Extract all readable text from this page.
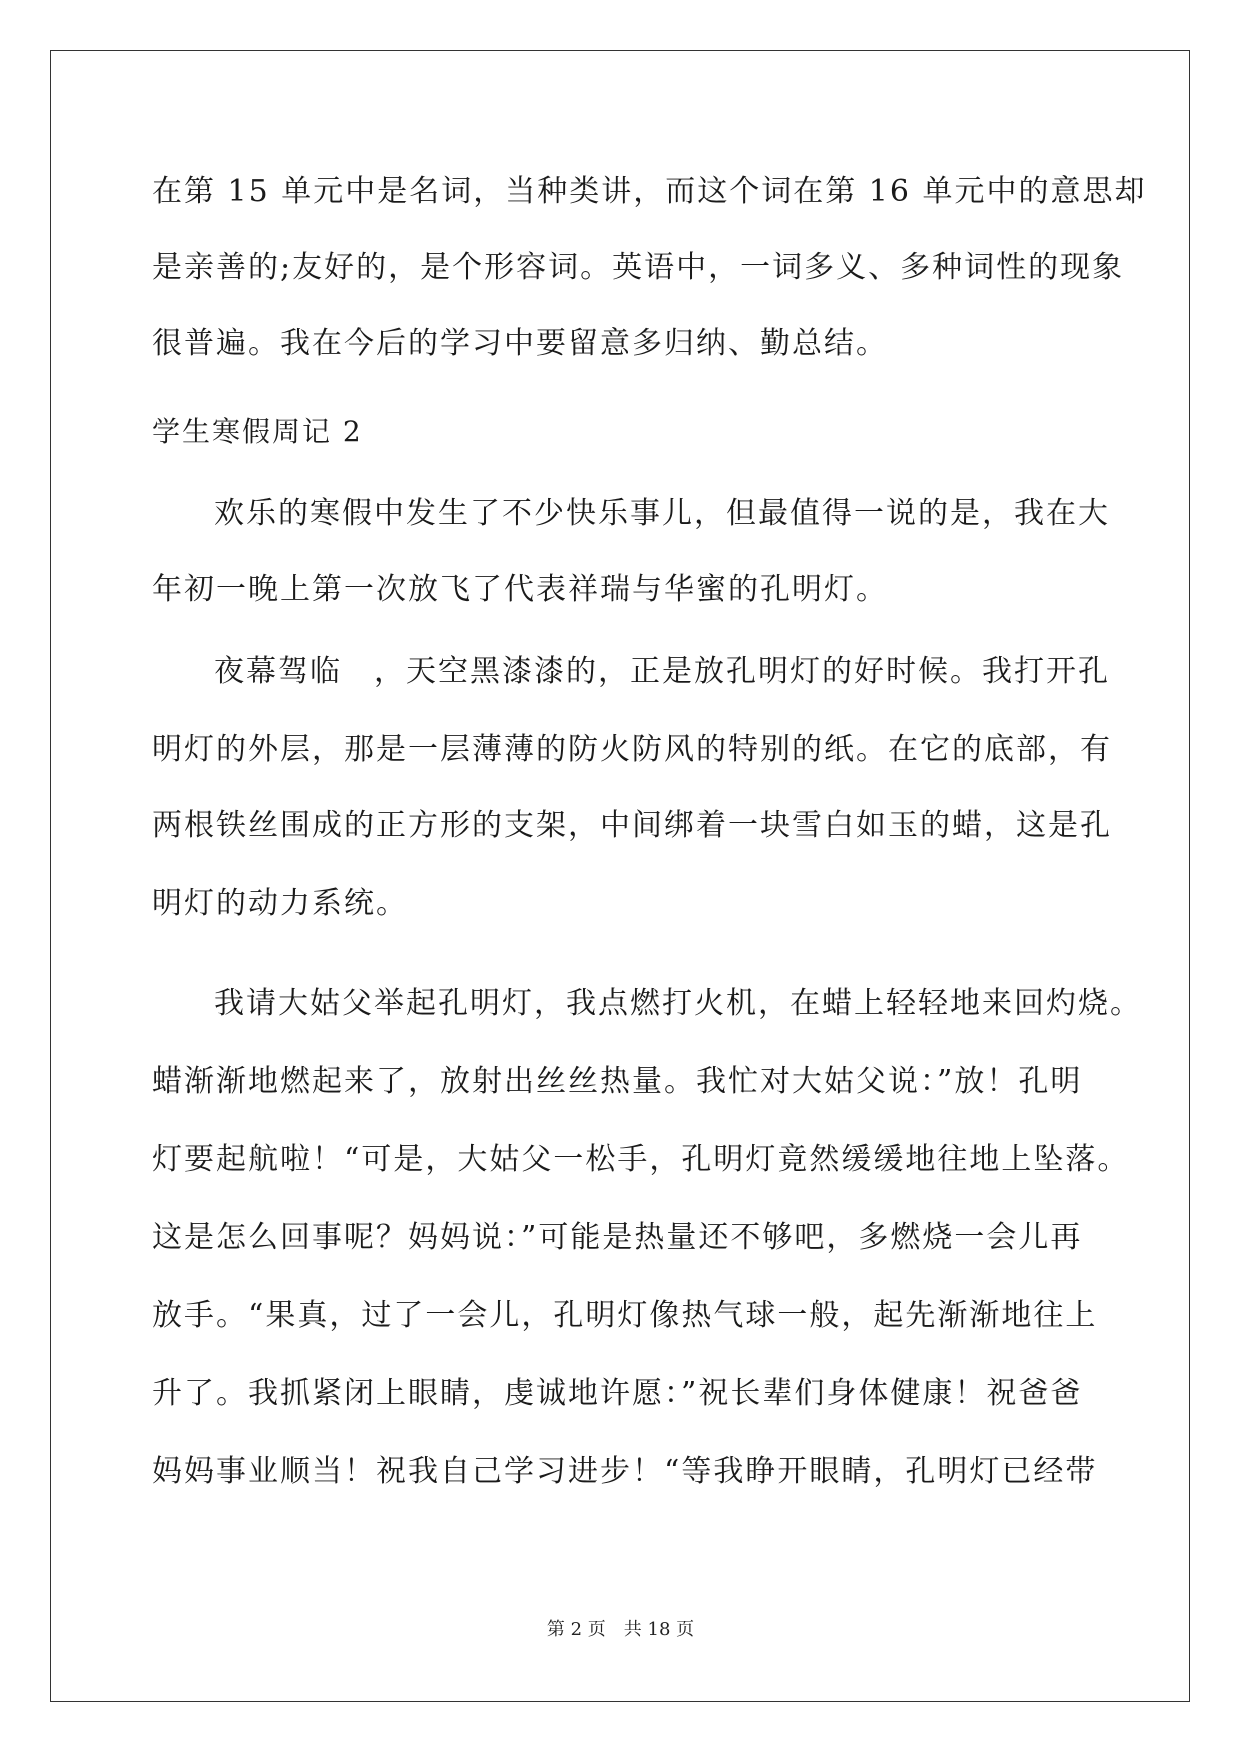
在第 15 单元中是名词，当种类讲，而这个词在第 16 单元中的意思却
是亲善的;友好的，是个形容词。英语中，一词多义、多种词性的现象
很普遍。我在今后的学习中要留意多归纳、勤总结。
学生寒假周记 2
欢乐的寒假中发生了不少快乐事儿，但最值得一说的是，我在大
年初一晚上第一次放飞了代表祥瑞与华蜜的孔明灯。
夜幕驾临　，天空黑漆漆的，正是放孔明灯的好时候。我打开孔
明灯的外层，那是一层薄薄的防火防风的特别的纸。在它的底部，有
两根铁丝围成的正方形的支架，中间绑着一块雪白如玉的蜡，这是孔
明灯的动力系统。
我请大姑父举起孔明灯，我点燃打火机，在蜡上轻轻地来回灼烧。
蜡渐渐地燃起来了，放射出丝丝热量。我忙对大姑父说：”放！孔明
灯要起航啦！“可是，大姑父一松手，孔明灯竟然缓缓地往地上坠落。
这是怎么回事呢？妈妈说：”可能是热量还不够吧，多燃烧一会儿再
放手。“果真，过了一会儿，孔明灯像热气球一般，起先渐渐地往上
升了。我抓紧闭上眼睛，虔诚地许愿：”祝长辈们身体健康！祝爸爸
妈妈事业顺当！祝我自己学习进步！“等我睁开眼睛，孔明灯已经带
第 2 页　共 18 页
